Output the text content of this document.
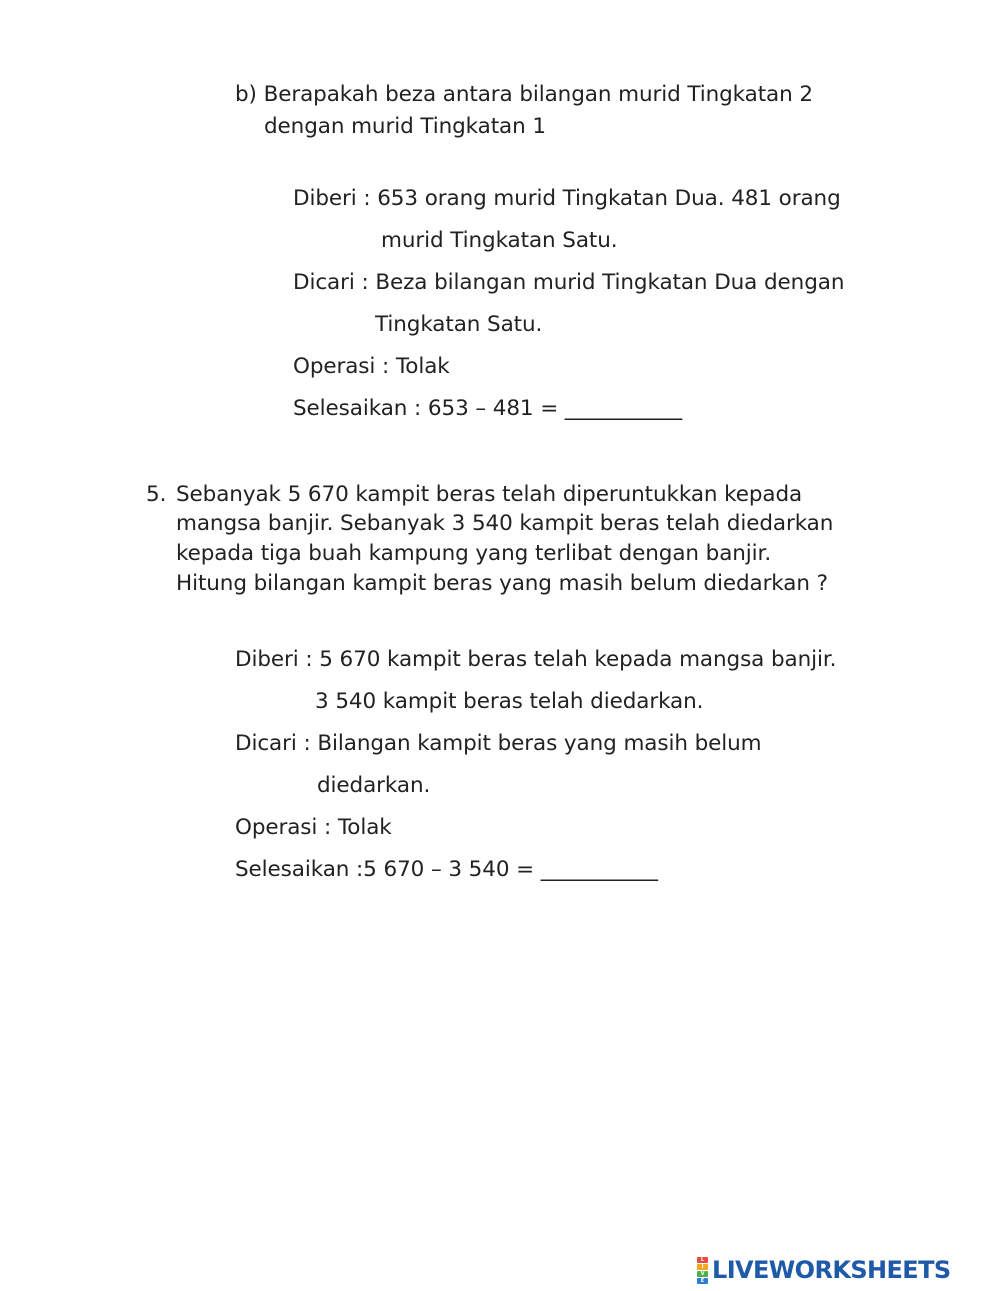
b) Berapakah beza antara bilangan murid Tingkatan 2
dengan murid Tingkatan 1
Diberi : 653 orang murid Tingkatan Dua. 481 orang
murid Tingkatan Satu.
Dicari : Beza bilangan murid Tingkatan Dua dengan
Tingkatan Satu.
Operasi : Tolak
Selesaikan : 653 – 481 = ___________
5. Sebanyak 5 670 kampit beras telah diperuntukkan kepada
mangsa banjir. Sebanyak 3 540 kampit beras telah diedarkan
kepada tiga buah kampung yang terlibat dengan banjir.
Hitung bilangan kampit beras yang masih belum diedarkan ?
Diberi : 5 670 kampit beras telah kepada mangsa banjir.
3 540 kampit beras telah diedarkan.
Dicari : Bilangan kampit beras yang masih belum
diedarkan.
Operasi : Tolak
Selesaikan :5 670 – 3 540 = ___________
L
I
V
E LIVEWORKSHEETS
